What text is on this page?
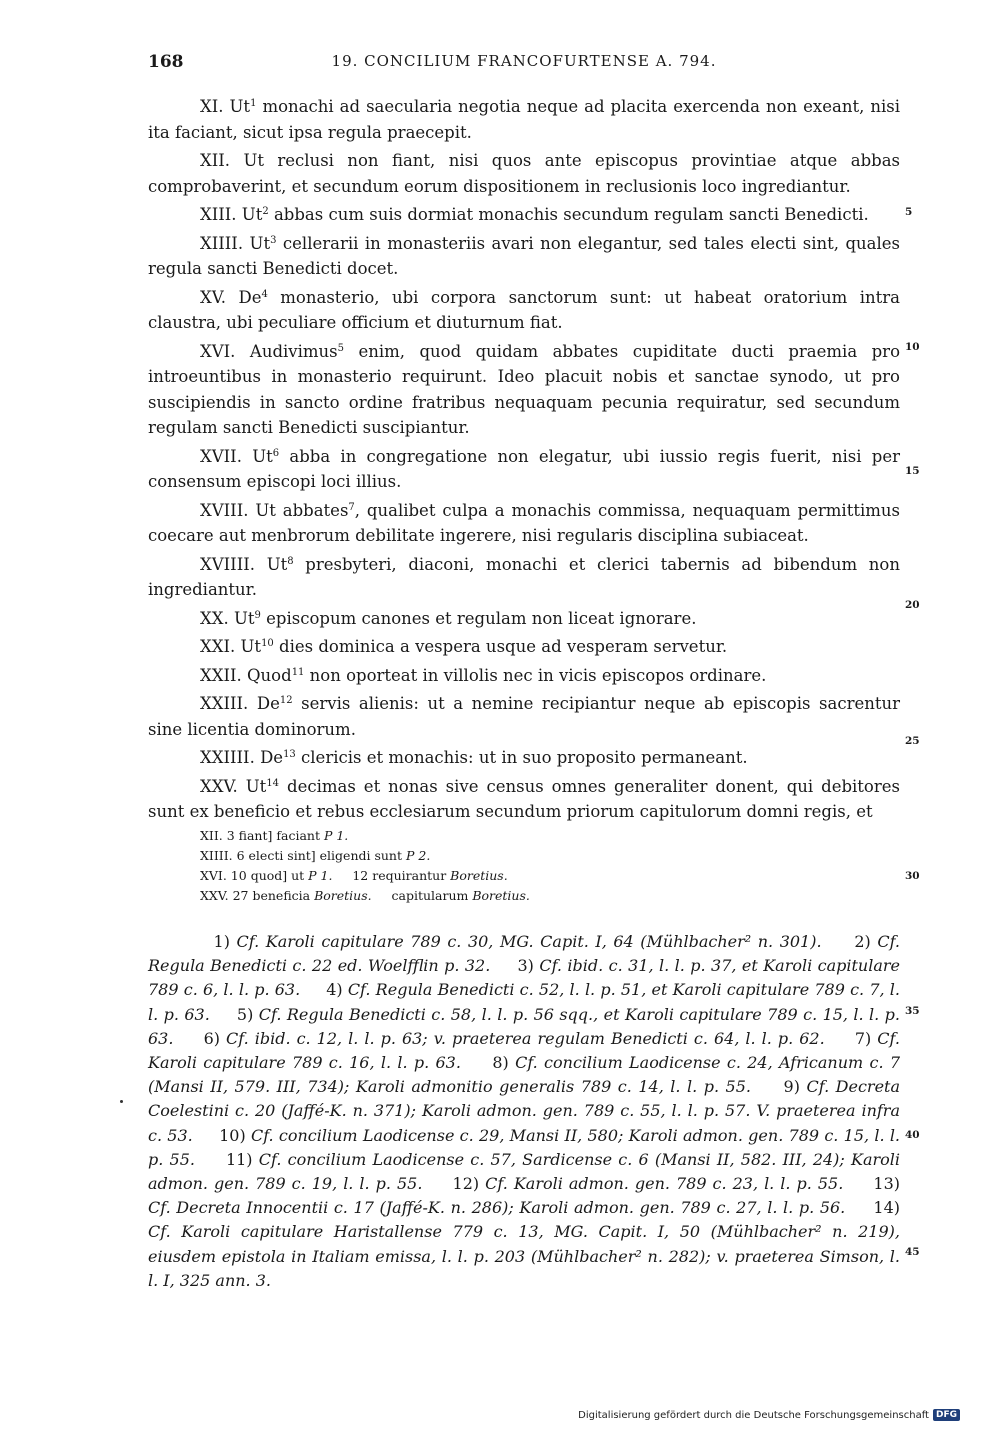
168	19. CONCILIUM FRANCOFURTENSE A. 794.

XI. Ut$^1$ monachi ad saecularia negotia neque ad placita exercenda non exeant, nisi ita faciant, sicut ipsa regula praecepit.

XII. Ut reclusi non fiant, nisi quos ante episcopus provintiae atque abbas comprobaverint, et secundum eorum dispositionem in reclusionis loco ingrediantur.

XIII. Ut$^2$ abbas cum suis dormiat monachis secundum regulam sancti Benedicti.

XIIII. Ut$^3$ cellerarii in monasteriis avari non elegantur, sed tales electi sint, quales regula sancti Benedicti docet.

XV. De$^4$ monasterio, ubi corpora sanctorum sunt: ut habeat oratorium intra claustra, ubi peculiare officium et diuturnum fiat.

XVI. Audivimus$^5$ enim, quod quidam abbates cupiditate ducti praemia pro introeuntibus in monasterio requirunt. Ideo placuit nobis et sanctae synodo, ut pro suscipiendis in sancto ordine fratribus nequaquam pecunia requiratur, sed secundum regulam sancti Benedicti suscipiantur.

XVII. Ut$^6$ abba in congregatione non elegatur, ubi iussio regis fuerit, nisi per consensum episcopi loci illius.

XVIII. Ut abbates$^7$, qualibet culpa a monachis commissa, nequaquam permittimus coecare aut menbrorum debilitate ingerere, nisi regularis disciplina subiaceat.

XVIIII. Ut$^8$ presbyteri, diaconi, monachi et clerici tabernis ad bibendum non ingrediantur.

XX. Ut$^9$ episcopum canones et regulam non liceat ignorare.

XXI. Ut$^{10}$ dies dominica a vespera usque ad vesperam servetur.

XXII. Quod$^{11}$ non oporteat in villolis nec in vicis episcopos ordinare.

XXIII. De$^{12}$ servis alienis: ut a nemine recipiantur neque ab episcopis sacrentur sine licentia dominorum.

XXIIII. De$^{13}$ clericis et monachis: ut in suo proposito permaneant.

XXV. Ut$^{14}$ decimas et nonas sive census omnes generaliter donent, qui debitores sunt ex beneficio et rebus ecclesiarum secundum priorum capitulorum domni regis, et

5
10
15
20
25
30
35
40
45
XII. 3 fiant] faciant P 1.
XIIII. 6 electi sint] eligendi sunt P 2.
XVI. 10 quod] ut P 1.     12 requirantur Boretius.
XXV. 27 beneficia Boretius.     capitularum Boretius.
1) Cf. Karoli capitulare 789 c. 30, MG. Capit. I, 64 (Mühlbacher² n. 301). 2) Cf. Regula Benedicti c. 22 ed. Woelfflin p. 32. 3) Cf. ibid. c. 31, l. l. p. 37, et Karoli capitulare 789 c. 6, l. l. p. 63. 4) Cf. Regula Benedicti c. 52, l. l. p. 51, et Karoli capitulare 789 c. 7, l. l. p. 63. 5) Cf. Regula Benedicti c. 58, l. l. p. 56 sqq., et Karoli capitulare 789 c. 15, l. l. p. 63. 6) Cf. ibid. c. 12, l. l. p. 63; v. praeterea regulam Benedicti c. 64, l. l. p. 62. 7) Cf. Karoli capitulare 789 c. 16, l. l. p. 63. 8) Cf. concilium Laodicense c. 24, Africanum c. 7 (Mansi II, 579. III, 734); Karoli admonitio generalis 789 c. 14, l. l. p. 55. 9) Cf. Decreta Coelestini c. 20 (Jaffé-K. n. 371); Karoli admon. gen. 789 c. 55, l. l. p. 57. V. praeterea infra c. 53. 10) Cf. concilium Laodicense c. 29, Mansi II, 580; Karoli admon. gen. 789 c. 15, l. l. p. 55. 11) Cf. concilium Laodicense c. 57, Sardicense c. 6 (Mansi II, 582. III, 24); Karoli admon. gen. 789 c. 19, l. l. p. 55. 12) Cf. Karoli admon. gen. 789 c. 23, l. l. p. 55. 13) Cf. Decreta Innocentii c. 17 (Jaffé-K. n. 286); Karoli admon. gen. 789 c. 27, l. l. p. 56. 14) Cf. Karoli capitulare Haristallense 779 c. 13, MG. Capit. I, 50 (Mühlbacher² n. 219), eiusdem epistola in Italiam emissa, l. l. p. 203 (Mühlbacher² n. 282); v. praeterea Simson, l. l. I, 325 ann. 3.
Digitalisierung gefördert durch die Deutsche Forschungsgemeinschaft DFG
